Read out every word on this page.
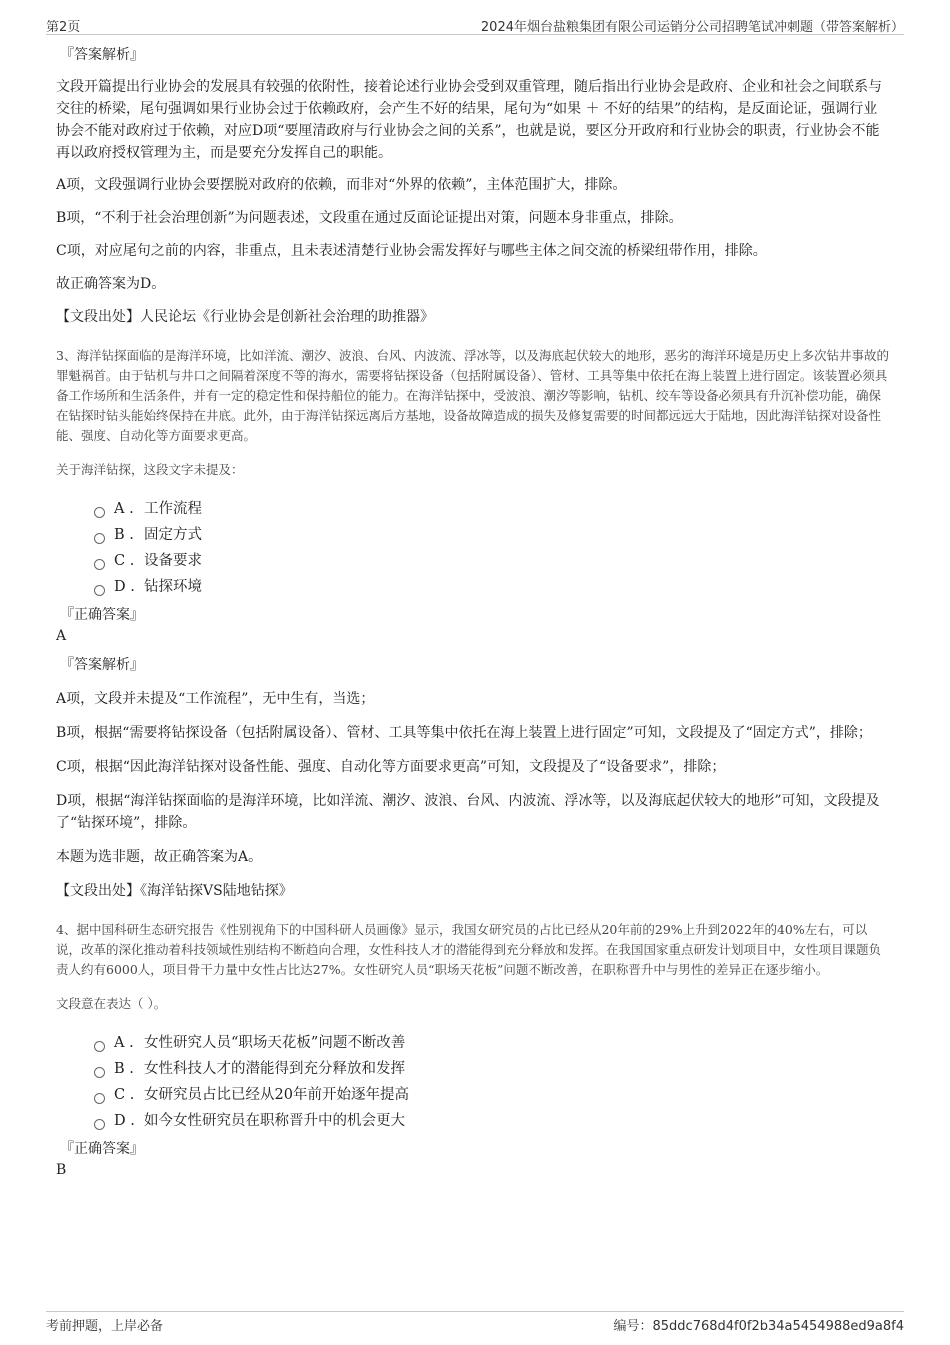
第2页	2024年烟台盐粮集团有限公司运销分公司招聘笔试冲刺题（带答案解析）

『答案解析』

文段开篇提出行业协会的发展具有较强的依附性，接着论述行业协会受到双重管理，随后指出行业协会是政府、企业和社会之间联系与交往的桥梁，尾句强调如果行业协会过于依赖政府，会产生不好的结果，尾句为“如果 ＋ 不好的结果”的结构，是反面论证，强调行业协会不能对政府过于依赖，对应D项“要厘清政府与行业协会之间的关系”，也就是说，要区分开政府和行业协会的职责，行业协会不能再以政府授权管理为主，而是要充分发挥自己的职能。

A项，文段强调行业协会要摆脱对政府的依赖，而非对“外界的依赖”，主体范围扩大，排除。

B项，“不利于社会治理创新”为问题表述，文段重在通过反面论证提出对策，问题本身非重点，排除。

C项，对应尾句之前的内容，非重点，且未表述清楚行业协会需发挥好与哪些主体之间交流的桥梁纽带作用，排除。

故正确答案为D。

【文段出处】人民论坛《行业协会是创新社会治理的助推器》

3、海洋钻探面临的是海洋环境，比如洋流、潮汐、波浪、台风、内波流、浮冰等，以及海底起伏较大的地形，恶劣的海洋环境是历史上多次钻井事故的罪魁祸首。由于钻机与井口之间隔着深度不等的海水，需要将钻探设备（包括附属设备）、管材、工具等集中依托在海上装置上进行固定。该装置必须具备工作场所和生活条件，并有一定的稳定性和保持船位的能力。在海洋钻探中，受波浪、潮汐等影响，钻机、绞车等设备必须具有升沉补偿功能，确保在钻探时钻头能始终保持在井底。此外，由于海洋钻探远离后方基地，设备故障造成的损失及修复需要的时间都远远大于陆地，因此海洋钻探对设备性能、强度、自动化等方面要求更高。

关于海洋钻探，这段文字未提及：

A . 工作流程
B . 固定方式
C . 设备要求
D . 钻探环境

『正确答案』

A

『答案解析』

A项，文段并未提及“工作流程”，无中生有，当选；

B项，根据“需要将钻探设备（包括附属设备）、管材、工具等集中依托在海上装置上进行固定”可知，文段提及了“固定方式”，排除；

C项，根据“因此海洋钻探对设备性能、强度、自动化等方面要求更高”可知，文段提及了“设备要求”，排除；

D项，根据“海洋钻探面临的是海洋环境，比如洋流、潮汐、波浪、台风、内波流、浮冰等，以及海底起伏较大的地形”可知，文段提及了“钻探环境”，排除。

本题为选非题，故正确答案为A。

【文段出处】《海洋钻探VS陆地钻探》

4、据中国科研生态研究报告《性别视角下的中国科研人员画像》显示，我国女研究员的占比已经从20年前的29%上升到2022年的40%左右，可以说，改革的深化推动着科技领域性别结构不断趋向合理，女性科技人才的潜能得到充分释放和发挥。在我国国家重点研发计划项目中，女性项目课题负责人约有6000人，项目骨干力量中女性占比达27%。女性研究人员“职场天花板”问题不断改善，在职称晋升中与男性的差异正在逐步缩小。

文段意在表达（ ）。

A . 女性研究人员“职场天花板”问题不断改善
B . 女性科技人才的潜能得到充分释放和发挥
C . 女研究员占比已经从20年前开始逐年提高
D . 如今女性研究员在职称晋升中的机会更大

『正确答案』

B

考前押题，上岸必备	编号：85ddc768d4f0f2b34a5454988ed9a8f4
